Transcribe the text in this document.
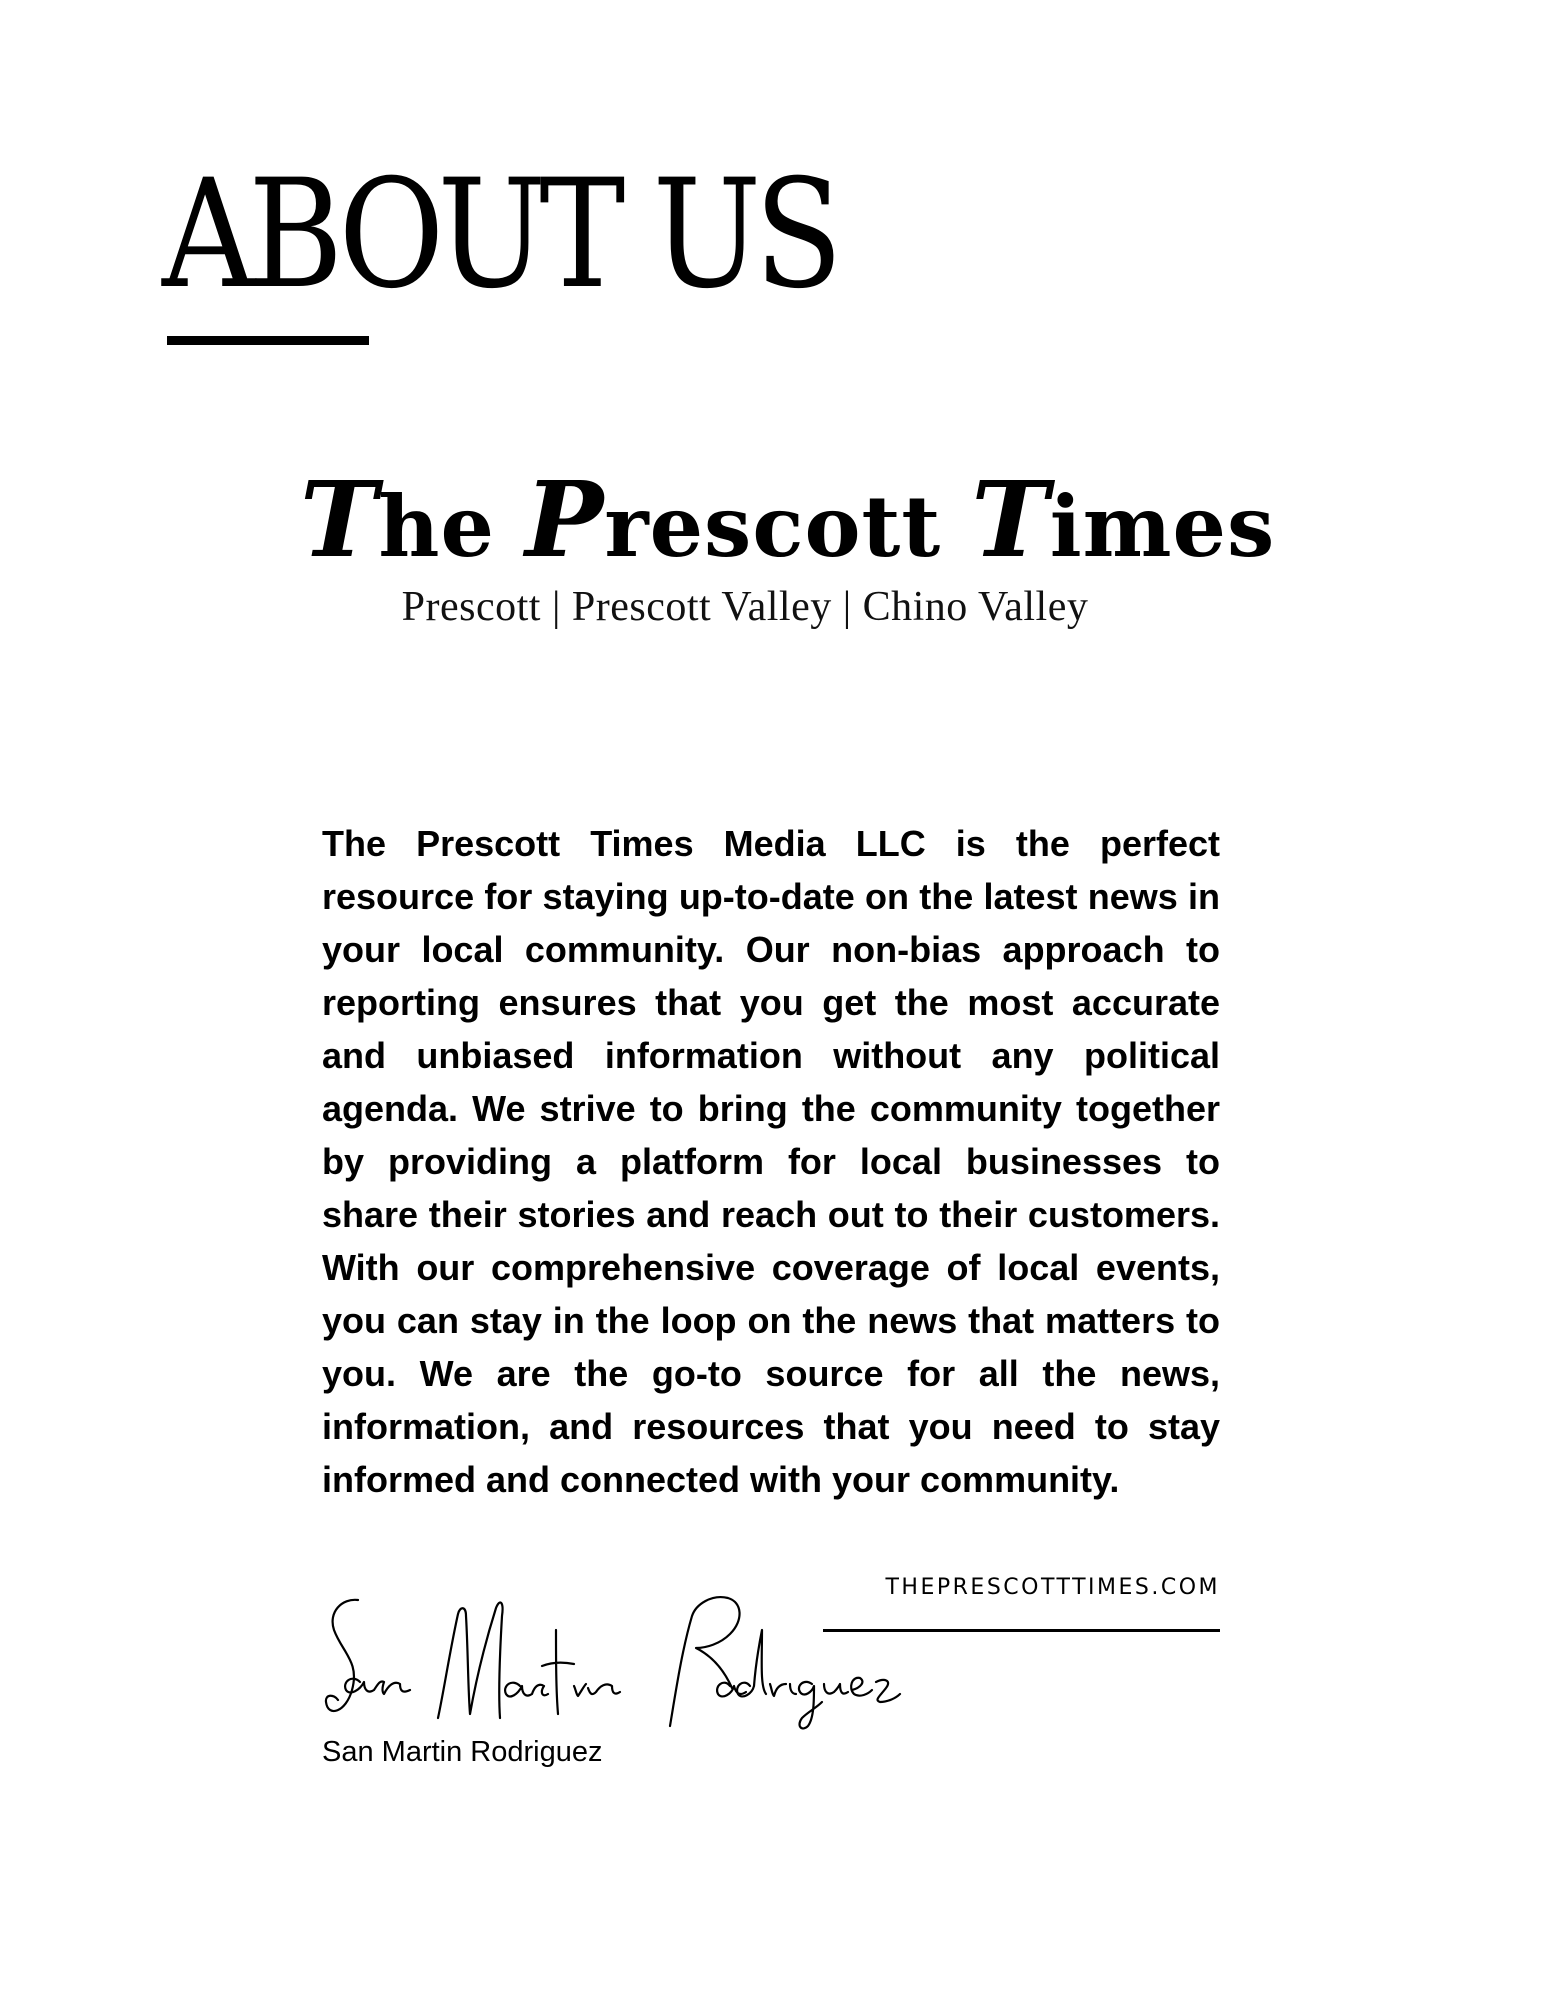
ABOUT US
The Prescott Times
Prescott | Prescott Valley | Chino Valley

The Prescott Times Media LLC is the perfect resource for staying up-to-date on the latest news in your local community. Our non-bias approach to reporting ensures that you get the most accurate and unbiased information without any political agenda. We strive to bring the community together by providing a platform for local businesses to share their stories and reach out to their customers. With our comprehensive coverage of local events, you can stay in the loop on the news that matters to you. We are the go-to source for all the news, information, and resources that you need to stay informed and connected with your community.

THEPRESCOTTTIMES.COM
San Martin Rodriguez
